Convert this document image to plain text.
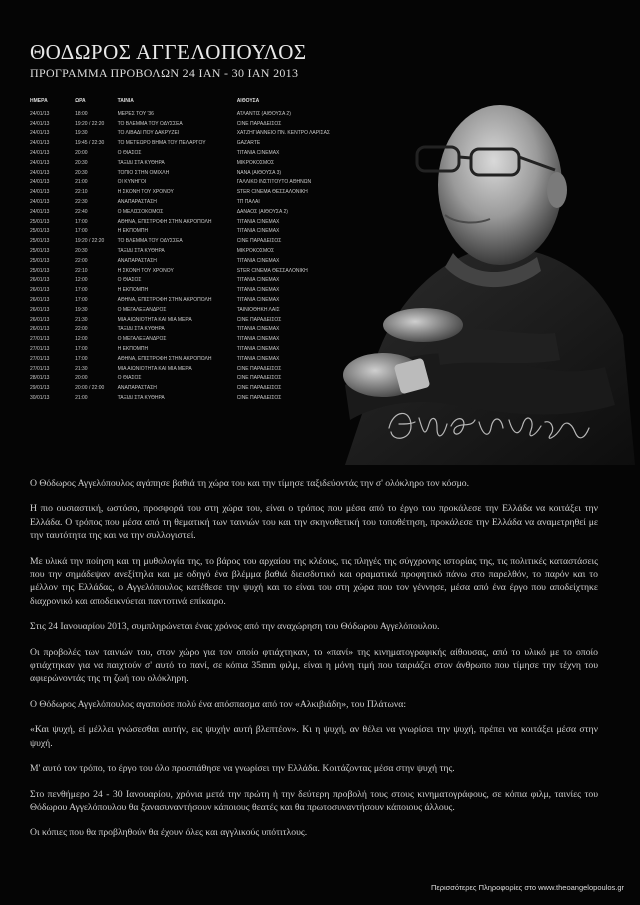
ΘΟΔΩΡΟΣ ΑΓΓΕΛΟΠΟΥΛΟΣ
ΠΡΟΓΡΑΜΜΑ ΠΡΟΒΟΛΩΝ 24 ΙΑΝ - 30 ΙΑΝ 2013
ΗΜΕΡΑ	ΩΡΑ	ΤΑΙΝΙΑ	ΑΙΘΟΥΣΑ
24/01/13	18:00	ΜΕΡΕΣ ΤΟΥ '36	ΑΤΛΑΝΤΙΣ (ΑΙΘΟΥΣΑ 2)
24/01/13	19:20 / 22:20	ΤΟ ΒΛΕΜΜΑ ΤΟΥ ΟΔΥΣΣΕΑ	CINE ΠΑΡΑΔΕΙΣΟΣ
24/01/13	19:30	ΤΟ ΛΙΒΑΔΙ ΠΟΥ ΔΑΚΡΥΖΕΙ	ΧΑΤΖΗΓΙΑΝΝΕΙΟ ΠΝ. ΚΕΝΤΡΟ ΛΑΡΙΣΑΣ
24/01/13	19:45 / 22:30	ΤΟ ΜΕΤΕΩΡΟ ΒΗΜΑ ΤΟΥ ΠΕΛΑΡΓΟΥ	GAZARTE
24/01/13	20:00	Ο ΘΙΑΣΟΣ	ΤΙΤΑΝΙΑ CINEMAX
24/01/13	20:30	ΤΑΞΙΔΙ ΣΤΑ ΚΥΘΗΡΑ	ΜΙΚΡΟΚΟΣΜΟΣ
24/01/13	20:30	ΤΟΠΙΟ ΣΤΗΝ ΟΜΙΧΛΗ	ΝΑΝΑ (ΑΙΘΟΥΣΑ 3)
24/01/13	21:00	ΟΙ ΚΥΝΗΓΟΙ	ΓΑΛΛΙΚΟ ΙΝΣΤΙΤΟΥΤΟ ΑΘΗΝΩΝ
24/01/13	22:10	Η ΣΚΟΝΗ ΤΟΥ ΧΡΟΝΟΥ	STER CINEMA ΘΕΣΣΑΛΟΝΙΚΗ
24/01/13	22:30	ΑΝΑΠΑΡΑΣΤΑΣΗ	ΤΠ ΠΑΛΑΙ
24/01/13	22:40	Ο ΜΕΛΙΣΣΟΚΟΜΟΣ	ΔΑΝΑΟΣ (ΑΙΘΟΥΣΑ 2)
25/01/13	17:00	ΑΘΗΝΑ, ΕΠΙΣΤΡΟΦΗ ΣΤΗΝ ΑΚΡΟΠΟΛΗ	ΤΙΤΑΝΙΑ CINEMAX
25/01/13	17:00	Η ΕΚΠΟΜΠΗ	ΤΙΤΑΝΙΑ CINEMAX
25/01/13	19:20 / 22:20	ΤΟ ΒΛΕΜΜΑ ΤΟΥ ΟΔΥΣΣΕΑ	CINE ΠΑΡΑΔΕΙΣΟΣ
25/01/13	20:30	ΤΑΞΙΔΙ ΣΤΑ ΚΥΘΗΡΑ	ΜΙΚΡΟΚΟΣΜΟΣ
25/01/13	22:00	ΑΝΑΠΑΡΑΣΤΑΣΗ	ΤΙΤΑΝΙΑ CINEMAX
25/01/13	22:10	Η ΣΚΟΝΗ ΤΟΥ ΧΡΟΝΟΥ	STER CINEMA ΘΕΣΣΑΛΟΝΙΚΗ
26/01/13	12:00	Ο ΘΙΑΣΟΣ	ΤΙΤΑΝΙΑ CINEMAX
26/01/13	17:00	Η ΕΚΠΟΜΠΗ	ΤΙΤΑΝΙΑ CINEMAX
26/01/13	17:00	ΑΘΗΝΑ, ΕΠΙΣΤΡΟΦΗ ΣΤΗΝ ΑΚΡΟΠΟΛΗ	ΤΙΤΑΝΙΑ CINEMAX
26/01/13	19:30	Ο ΜΕΓΑΛΕΞΑΝΔΡΟΣ	ΤΑΙΝΙΟΘΗΚΗ ΛΑΙΣ
26/01/13	21:30	ΜΙΑ ΑΙΩΝΙΟΤΗΤΑ ΚΑΙ ΜΙΑ ΜΕΡΑ	CINE ΠΑΡΑΔΕΙΣΟΣ
26/01/13	22:00	ΤΑΞΙΔΙ ΣΤΑ ΚΥΘΗΡΑ	ΤΙΤΑΝΙΑ CINEMAX
27/01/13	12:00	Ο ΜΕΓΑΛΕΞΑΝΔΡΟΣ	ΤΙΤΑΝΙΑ CINEMAX
27/01/13	17:00	Η ΕΚΠΟΜΠΗ	ΤΙΤΑΝΙΑ CINEMAX
27/01/13	17:00	ΑΘΗΝΑ, ΕΠΙΣΤΡΟΦΗ ΣΤΗΝ ΑΚΡΟΠΟΛΗ	ΤΙΤΑΝΙΑ CINEMAX
27/01/13	21:30	ΜΙΑ ΑΙΩΝΙΟΤΗΤΑ ΚΑΙ ΜΙΑ ΜΕΡΑ	CINE ΠΑΡΑΔΕΙΣΟΣ
28/01/13	20:00	Ο ΘΙΑΣΟΣ	CINE ΠΑΡΑΔΕΙΣΟΣ
29/01/13	20:00 / 22:00	ΑΝΑΠΑΡΑΣΤΑΣΗ	CINE ΠΑΡΑΔΕΙΣΟΣ
30/01/13	21:00	ΤΑΞΙΔΙ ΣΤΑ ΚΥΘΗΡΑ	CINE ΠΑΡΑΔΕΙΣΟΣ

Ο Θόδωρος Αγγελόπουλος αγάπησε βαθιά τη χώρα του και την τίμησε ταξιδεύοντάς την σ' ολόκληρο τον κόσμο.

Η πιο ουσιαστική, ωστόσο, προσφορά του στη χώρα του, είναι ο τρόπος που μέσα από το έργο του προκάλεσε την Ελλάδα να κοιτάξει την Ελλάδα. Ο τρόπος που μέσα από τη θεματική των ταινιών του και την σκηνοθετική του τοποθέτηση, προκάλεσε την Ελλάδα να αναμετρηθεί με την ταυτότητα της και να την συλλογιστεί.

Με υλικά την ποίηση και τη μυθολογία της, το βάρος του αρχαίου της κλέους, τις πληγές της σύγχρονης ιστορίας της, τις πολιτικές καταστάσεις που την σημάδεψαν ανεξίτηλα και με οδηγό ένα βλέμμα βαθιά διεισδυτικό και οραματικά προφητικό πάνω στο παρελθόν, το παρόν και το μέλλον της Ελλάδας, ο Αγγελόπουλος κατέθεσε την ψυχή και το είναι του στη χώρα που τον γέννησε, μέσα από ένα έργο που αποδείχτηκε διαχρονικό και αποδεικνύεται παντοτινά επίκαιρο.

Στις 24 Ιανουαρίου 2013, συμπληρώνεται ένας χρόνος από την αναχώρηση του Θόδωρου Αγγελόπουλου.

Οι προβολές των ταινιών του, στον χώρο για τον οποίο φτιάχτηκαν, το «πανί» της κινηματογραφικής αίθουσας, από το υλικό με το οποίο φτιάχτηκαν για να παιχτούν σ' αυτό το πανί, σε κόπια 35mm φιλμ, είναι η μόνη τιμή που ταιριάζει στον άνθρωπο που τίμησε την τέχνη του αφιερώνοντάς της τη ζωή του ολόκληρη.

Ο Θόδωρος Αγγελόπουλος αγαπούσε πολύ ένα απόσπασμα από τον «Αλκιβιάδη», του Πλάτωνα:

«Και ψυχή, εί μέλλει γνώσεσθαι αυτήν, εις ψυχήν αυτή βλεπτέον». Κι η ψυχή, αν θέλει να γνωρίσει την ψυχή, πρέπει να κοιτάξει μέσα στην ψυχή.

Μ' αυτό τον τρόπο, το έργο του όλο προσπάθησε να γνωρίσει την Ελλάδα. Κοιτάζοντας μέσα στην ψυχή της.

Στο πενθήμερο 24 - 30 Ιανουαρίου, χρόνια μετά την πρώτη ή την δεύτερη προβολή τους στους κινηματογράφους, σε κόπια φιλμ, ταινίες του Θόδωρου Αγγελόπουλου θα ξανασυναντήσουν κάποιους θεατές και θα πρωτοσυναντήσουν κάποιους άλλους.

Οι κόπιες που θα προβληθούν θα έχουν όλες και αγγλικούς υπότιτλους.

Περισσότερες Πληροφορίες στο www.theoangelopoulos.gr
